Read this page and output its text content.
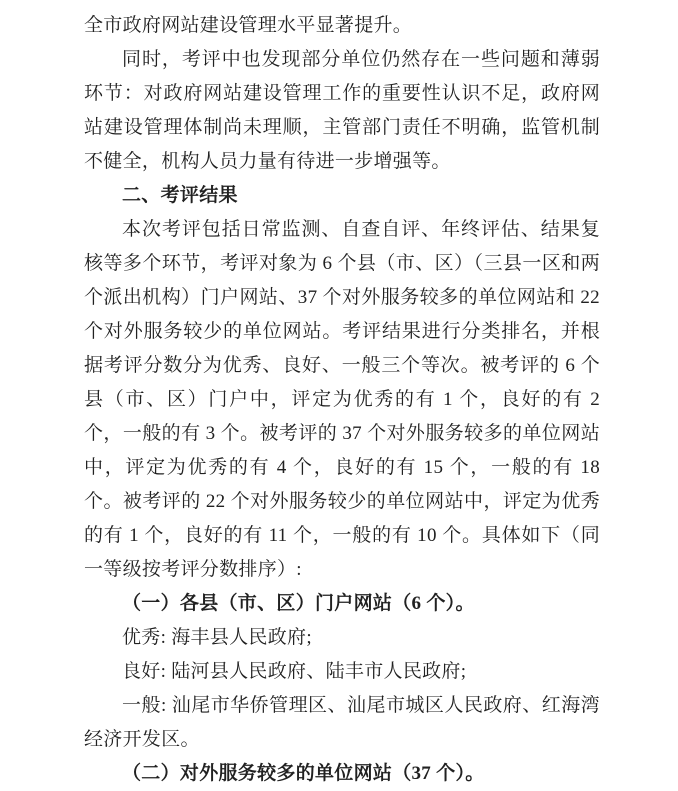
全市政府网站建设管理水平显著提升。

同时，考评中也发现部分单位仍然存在一些问题和薄弱环节：对政府网站建设管理工作的重要性认识不足，政府网站建设管理体制尚未理顺，主管部门责任不明确，监管机制不健全，机构人员力量有待进一步增强等。

二、考评结果

本次考评包括日常监测、自查自评、年终评估、结果复核等多个环节，考评对象为 6 个县（市、区）（三县一区和两个派出机构）门户网站、37 个对外服务较多的单位网站和 22 个对外服务较少的单位网站。考评结果进行分类排名，并根据考评分数分为优秀、良好、一般三个等次。被考评的 6 个县（市、区）门户中，评定为优秀的有 1 个，良好的有 2 个，一般的有 3 个。被考评的 37 个对外服务较多的单位网站中，评定为优秀的有 4 个，良好的有 15 个，一般的有 18 个。被考评的 22 个对外服务较少的单位网站中，评定为优秀的有 1 个，良好的有 11 个，一般的有 10 个。具体如下（同一等级按考评分数排序）:

（一）各县（市、区）门户网站（6 个）。

优秀: 海丰县人民政府;

良好: 陆河县人民政府、陆丰市人民政府;

一般: 汕尾市华侨管理区、汕尾市城区人民政府、红海湾经济开发区。

（二）对外服务较多的单位网站（37 个）。
